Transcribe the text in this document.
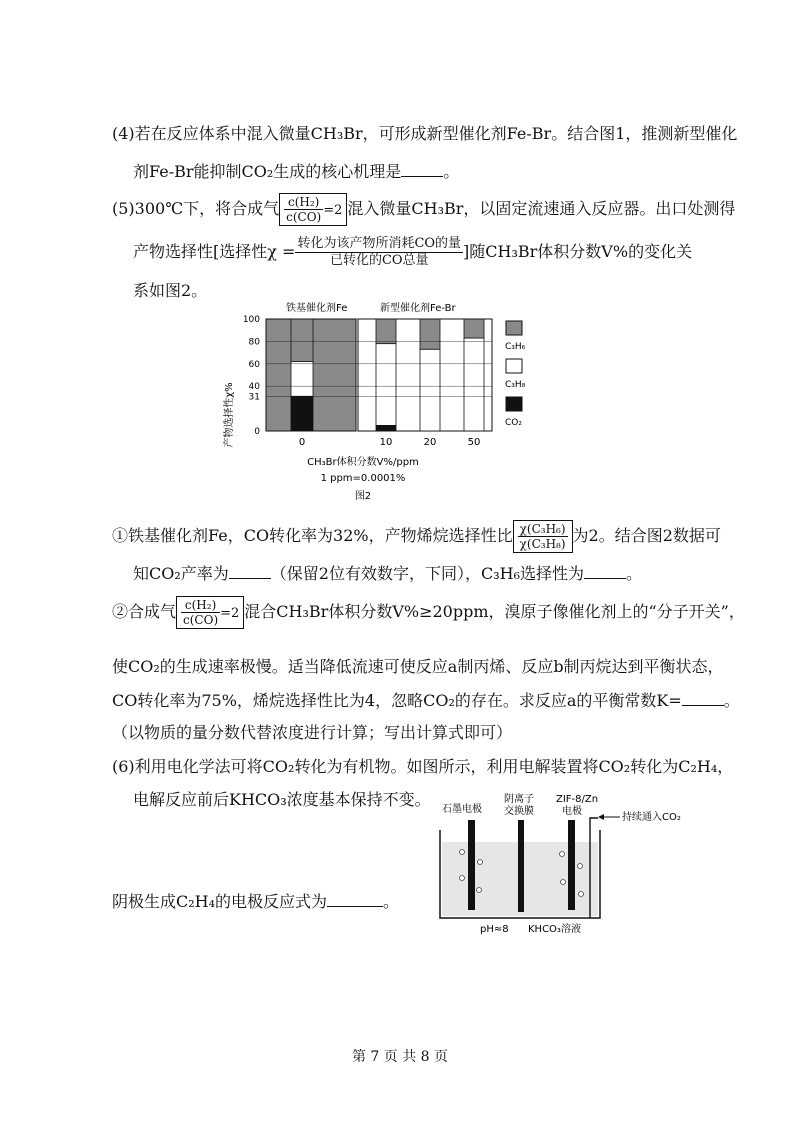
(4)若在反应体系中混入微量CH₃Br，可形成新型催化剂Fe-Br。结合图1，推测新型催化
剂Fe-Br能抑制CO₂生成的核心机理是	。
(5)300℃下，将合成气 $\frac{\text{c(H₂)}}{c(CO)} =2$ 混入微量CH₃Br，以固定流速通入反应器。出口处测得
产物选择性[选择性$\chi = \frac{\text{转化为该产物所消耗CO的量}}{\text{已转化的CO总量}}$ ]随CH₃Br体积分数V%的变化关
系如图2。
铁基催化剂Fe	新型催化剂Fe-Br
产物选择性χ% 0
31
40
60
80
100
0	10	20	50
C₃H₆
C₃H₈
CO₂
CH₃Br体积分数V%/ppm
1 ppm=0.0001%
图2
①铁基催化剂Fe，CO转化率为32%，产物烯烷选择性比 $\frac{\text{χ(C₃H₆)}}{\text{χ(C₃H₈)}}$ 为2。结合图2数据可
知CO₂产率为	（保留2位有效数字，下同），C₃H₆选择性为	。
②合成气 $\frac{\text{c(H₂)}}{c(CO)} =2$ 混合CH₃Br体积分数V%≥20ppm，溴原子像催化剂上的“分子开关”，
使CO₂的生成速率极慢。适当降低流速可使反应a制丙烯、反应b制丙烷达到平衡状态，
CO转化率为75%，烯烷选择性比为4，忽略CO₂的存在。求反应a的平衡常数K=	。
（以物质的量分数代替浓度进行计算；写出计算式即可）
(6)利用电化学法可将CO₂转化为有机物。如图所示，利用电解装置将CO₂转化为C₂H₄，
电解反应前后KHCO₃浓度基本保持不变。
阴极生成C₂H₄的电极反应式为	。
石墨电极
阴离子
交换膜
ZIF-8/Zn
电极
持续通入CO₂
pH≈8 KHCO₃溶液
第 7 页 共 8 页
